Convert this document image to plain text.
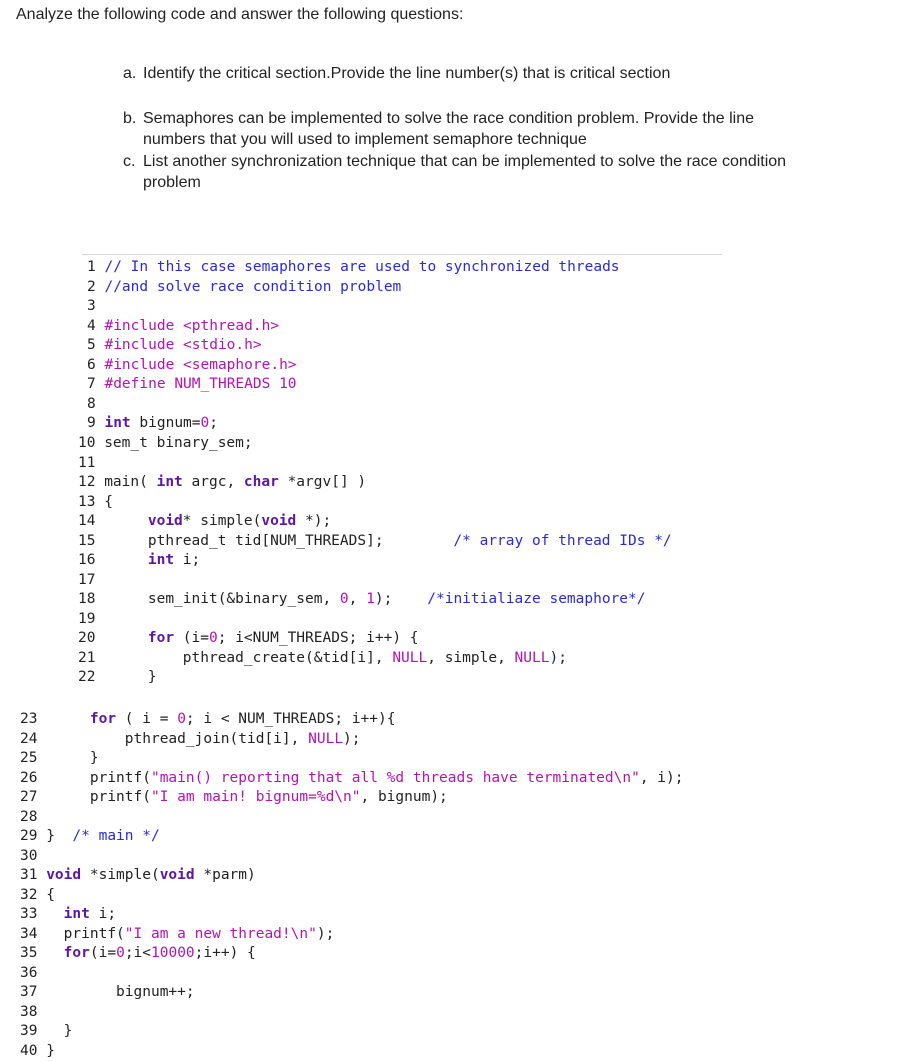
Analyze the following code and answer the following questions:
a. Identify the critical section.Provide the line number(s) that is critical section
b. Semaphores can be implemented to solve the race condition problem. Provide the line
numbers that you will used to implement semaphore technique
c. List another synchronization technique that can be implemented to solve the race condition
problem
1 // In this case semaphores are used to synchronized threads
2 //and solve race condition problem
3
4 #include <pthread.h>
5 #include <stdio.h>
6 #include <semaphore.h>
7 #define NUM_THREADS 10
8
9 int bignum=0;
10 sem_t binary_sem;
11
12 main( int argc, char *argv[] )
13 {
14	void* simple(void *);
15	pthread_t tid[NUM_THREADS];	/* array of thread IDs */
16	int i;
17
18	sem_init(&binary_sem, 0, 1); /*initialiaze semaphore*/
19
20	for (i=0; i<NUM_THREADS; i++) {
21	pthread_create(&tid[i], NULL, simple, NULL);
22	}
23	for ( i = 0; i < NUM_THREADS; i++){
24	pthread_join(tid[i], NULL);
25	}
26	printf("main() reporting that all %d threads have terminated\n", i);
27	printf("I am main! bignum=%d\n", bignum);
28
29 } /* main */
30
31 void *simple(void *parm)
32 {
33 int i;
34 printf("I am a new thread!\n");
35 for(i=0;i<10000;i++) {
36
37	bignum++;
38
39 }
40 }
